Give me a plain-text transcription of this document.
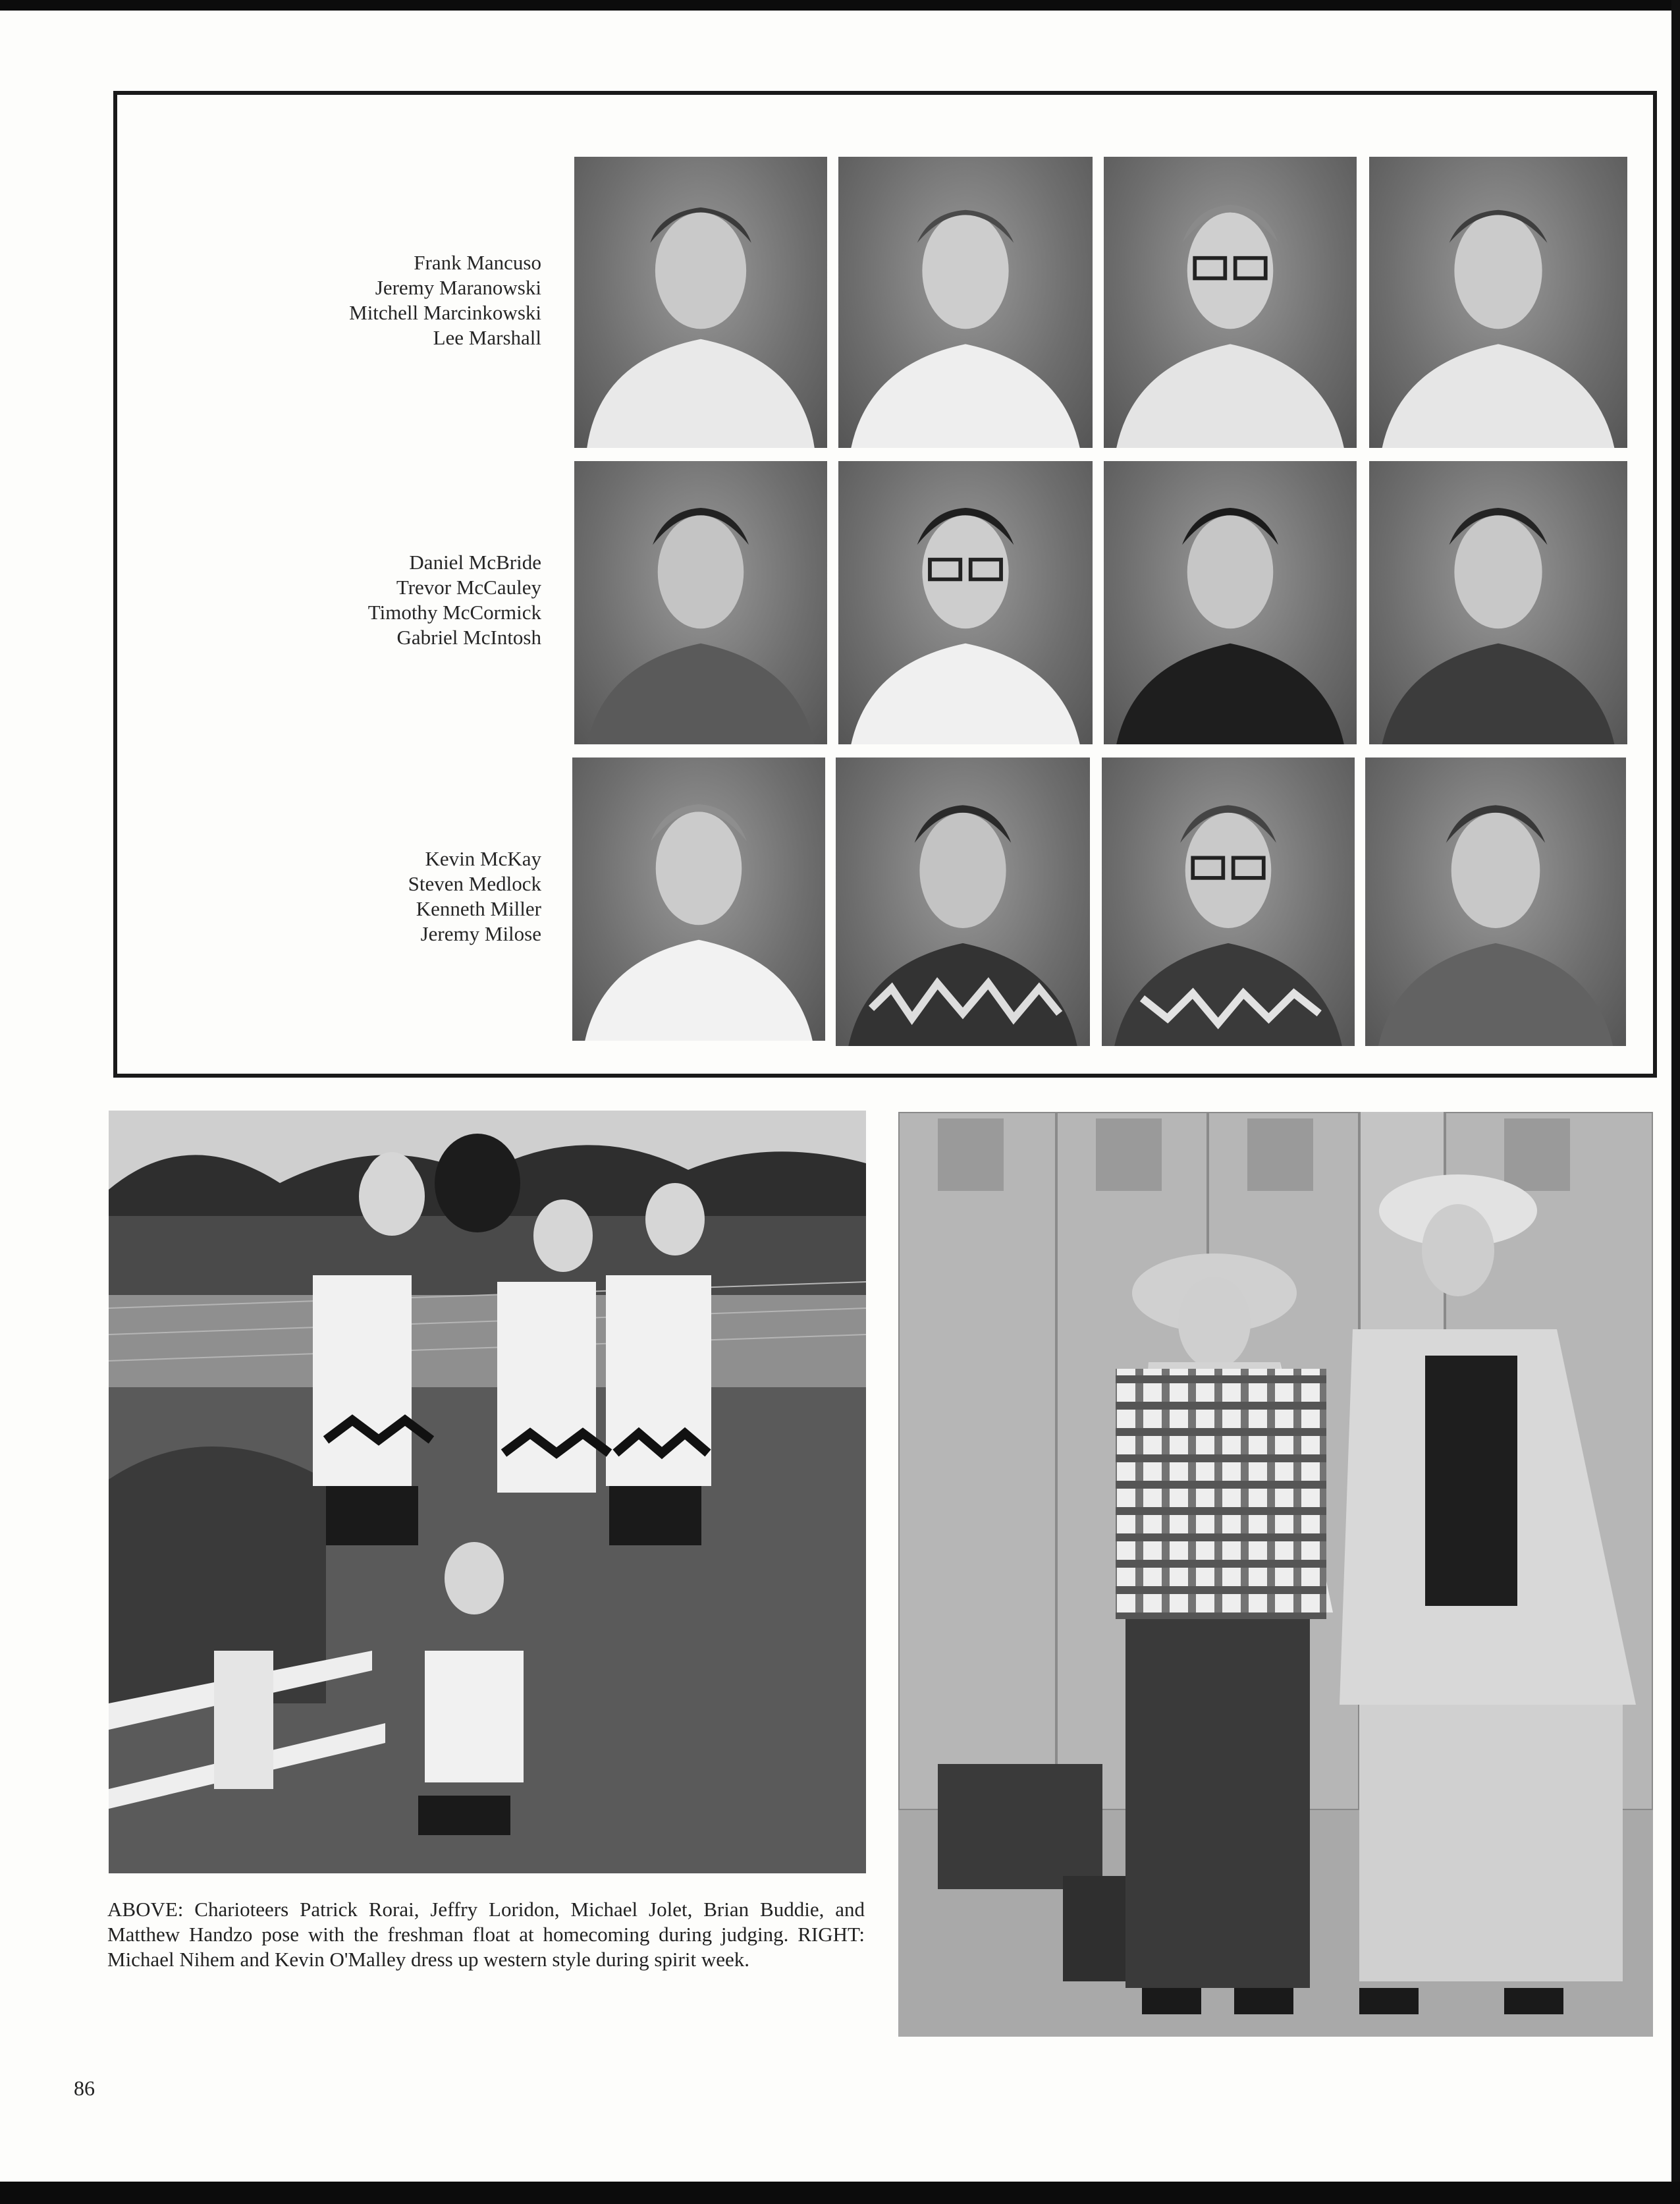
Frank Mancuso
Jeremy Maranowski
Mitchell Marcinkowski
Lee Marshall
Daniel McBride
Trevor McCauley
Timothy McCormick
Gabriel McIntosh
Kevin McKay
Steven Medlock
Kenneth Miller
Jeremy Milose
ABOVE: Charioteers Patrick Rorai, Jeffry Loridon, Michael Jolet, Brian Buddie, and Matthew Handzo pose with the freshman float at homecoming during judging. RIGHT: Michael Nihem and Kevin O'Malley dress up western style during spirit week.
86
